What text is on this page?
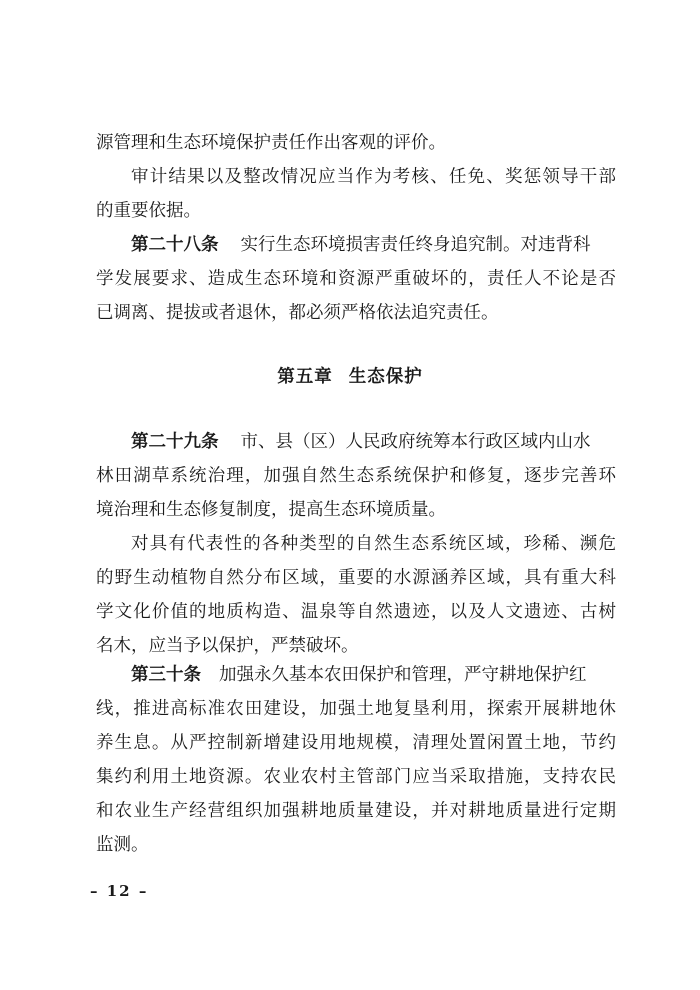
源管理和生态环境保护责任作出客观的评价。
审计结果以及整改情况应当作为考核、任免、奖惩领导干部
的重要依据。
第二十八条 实行生态环境损害责任终身追究制。对违背科
学发展要求、造成生态环境和资源严重破坏的，责任人不论是否
已调离、提拔或者退休，都必须严格依法追究责任。
第五章 生态保护
第二十九条 市、县（区）人民政府统筹本行政区域内山水
林田湖草系统治理，加强自然生态系统保护和修复，逐步完善环
境治理和生态修复制度，提高生态环境质量。
对具有代表性的各种类型的自然生态系统区域，珍稀、濒危
的野生动植物自然分布区域，重要的水源涵养区域，具有重大科
学文化价值的地质构造、温泉等自然遗迹，以及人文遗迹、古树
名木，应当予以保护，严禁破坏。
第三十条 加强永久基本农田保护和管理，严守耕地保护红
线，推进高标准农田建设，加强土地复垦利用，探索开展耕地休
养生息。从严控制新增建设用地规模，清理处置闲置土地，节约
集约利用土地资源。农业农村主管部门应当采取措施，支持农民
和农业生产经营组织加强耕地质量建设，并对耕地质量进行定期
监测。
– 12 –
